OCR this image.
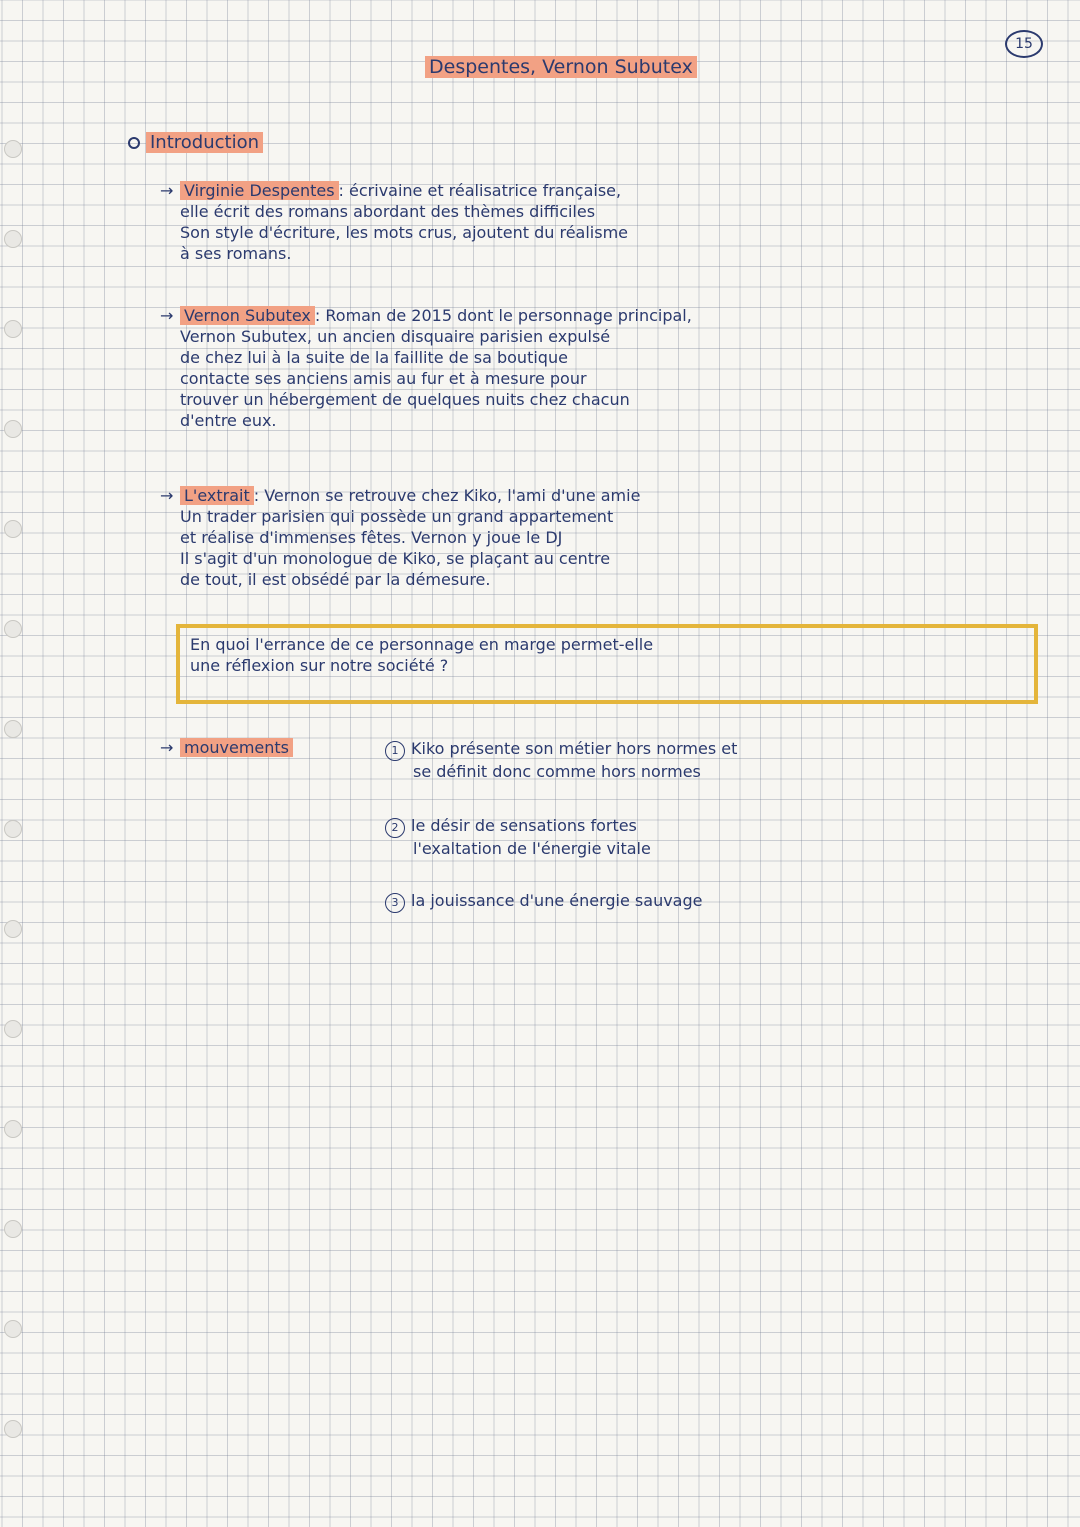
Despentes, Vernon Subutex
15
Introduction
→ Virginie Despentes : écrivaine et réalisatrice française,
elle écrit des romans abordant des thèmes difficiles
Son style d'écriture, les mots crus, ajoutent du réalisme
à ses romans.
→ Vernon Subutex : Roman de 2015 dont le personnage principal,
Vernon Subutex, un ancien disquaire parisien expulsé
de chez lui à la suite de la faillite de sa boutique
contacte ses anciens amis au fur et à mesure pour
trouver un hébergement de quelques nuits chez chacun
d'entre eux.
→ L'extrait : Vernon se retrouve chez Kiko, l'ami d'une amie
Un trader parisien qui possède un grand appartement
et réalise d'immenses fêtes. Vernon y joue le DJ
Il s'agit d'un monologue de Kiko, se plaçant au centre
de tout, il est obsédé par la démesure.
En quoi l'errance de ce personnage en marge permet-elle
une réflexion sur notre société ?
→ mouvements	1 Kiko présente son métier hors normes et
se définit donc comme hors normes
2 le désir de sensations fortes
l'exaltation de l'énergie vitale
3 la jouissance d'une énergie sauvage
